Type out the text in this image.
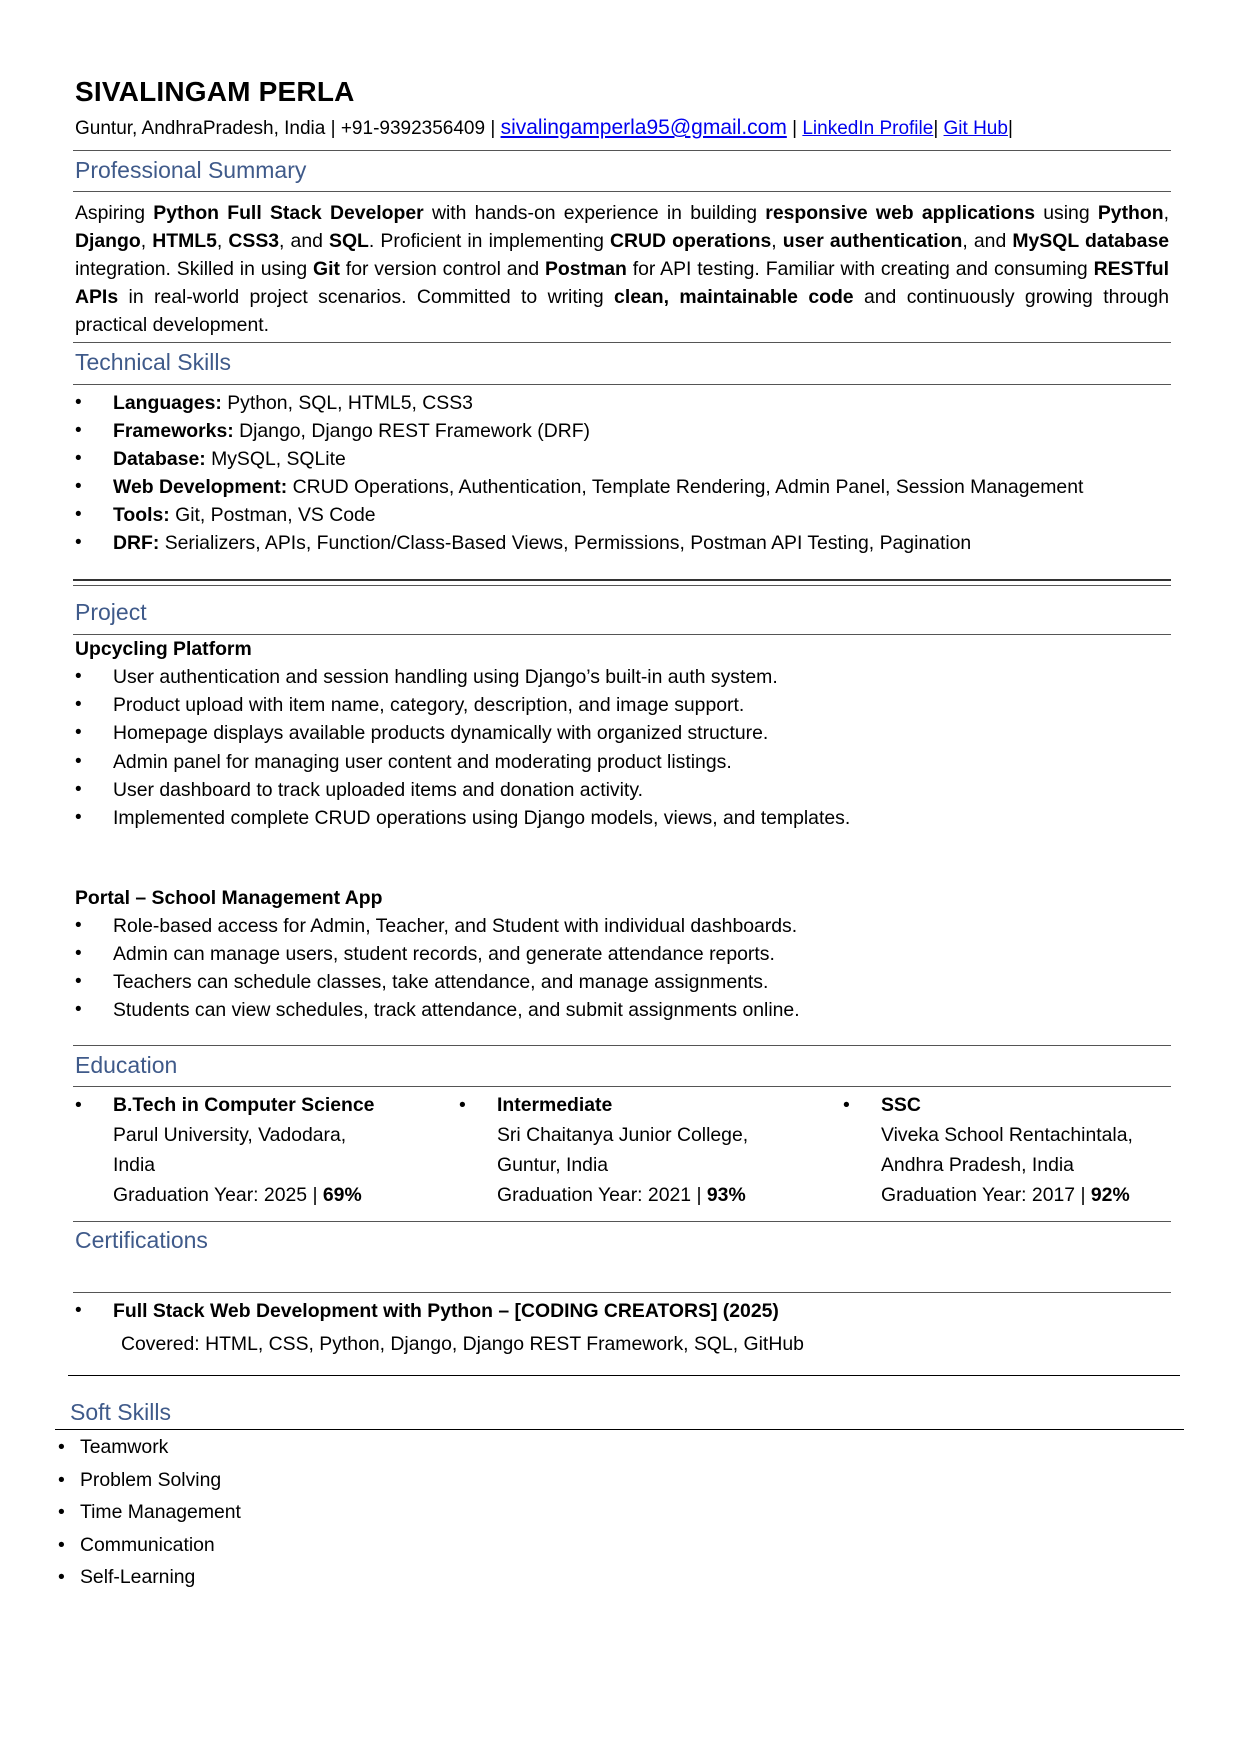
SIVALINGAM PERLA
Guntur, AndhraPradesh, India | +91-9392356409 | sivalingamperla95@gmail.com | LinkedIn Profile| Git Hub|
Professional Summary
Aspiring Python Full Stack Developer with hands-on experience in building responsive web applications using Python, Django, HTML5, CSS3, and SQL. Proficient in implementing CRUD operations, user authentication, and MySQL database integration. Skilled in using Git for version control and Postman for API testing. Familiar with creating and consuming RESTful APIs in real-world project scenarios. Committed to writing clean, maintainable code and continuously growing through practical development.
Technical Skills
Project
Upcycling Platform
Portal – School Management App
Education
Certifications
• Full Stack Web Development with Python – [CODING CREATORS] (2025)
Covered: HTML, CSS, Python, Django, Django REST Framework, SQL, GitHub
Soft Skills
• Languages: Python, SQL, HTML5, CSS3
• Frameworks: Django, Django REST Framework (DRF)
• Database: MySQL, SQLite
• Web Development: CRUD Operations, Authentication, Template Rendering, Admin Panel, Session Management
• Tools: Git, Postman, VS Code
• DRF: Serializers, APIs, Function/Class-Based Views, Permissions, Postman API Testing, Pagination
• User authentication and session handling using Django’s built-in auth system.
• Product upload with item name, category, description, and image support.
• Homepage displays available products dynamically with organized structure.
• Admin panel for managing user content and moderating product listings.
• User dashboard to track uploaded items and donation activity.
• Implemented complete CRUD operations using Django models, views, and templates.
• Role-based access for Admin, Teacher, and Student with individual dashboards.
• Admin can manage users, student records, and generate attendance reports.
• Teachers can schedule classes, take attendance, and manage assignments.
• Students can view schedules, track attendance, and submit assignments online.
• B.Tech in Computer Science
Parul University, Vadodara,
India
Graduation Year: 2025 | 69%
• Intermediate
Sri Chaitanya Junior College,
Guntur, India
Graduation Year: 2021 | 93%
• SSC
Viveka School Rentachintala,
Andhra Pradesh, India
Graduation Year: 2017 | 92%
• Teamwork
• Problem Solving
• Time Management
• Communication
• Self-Learning
